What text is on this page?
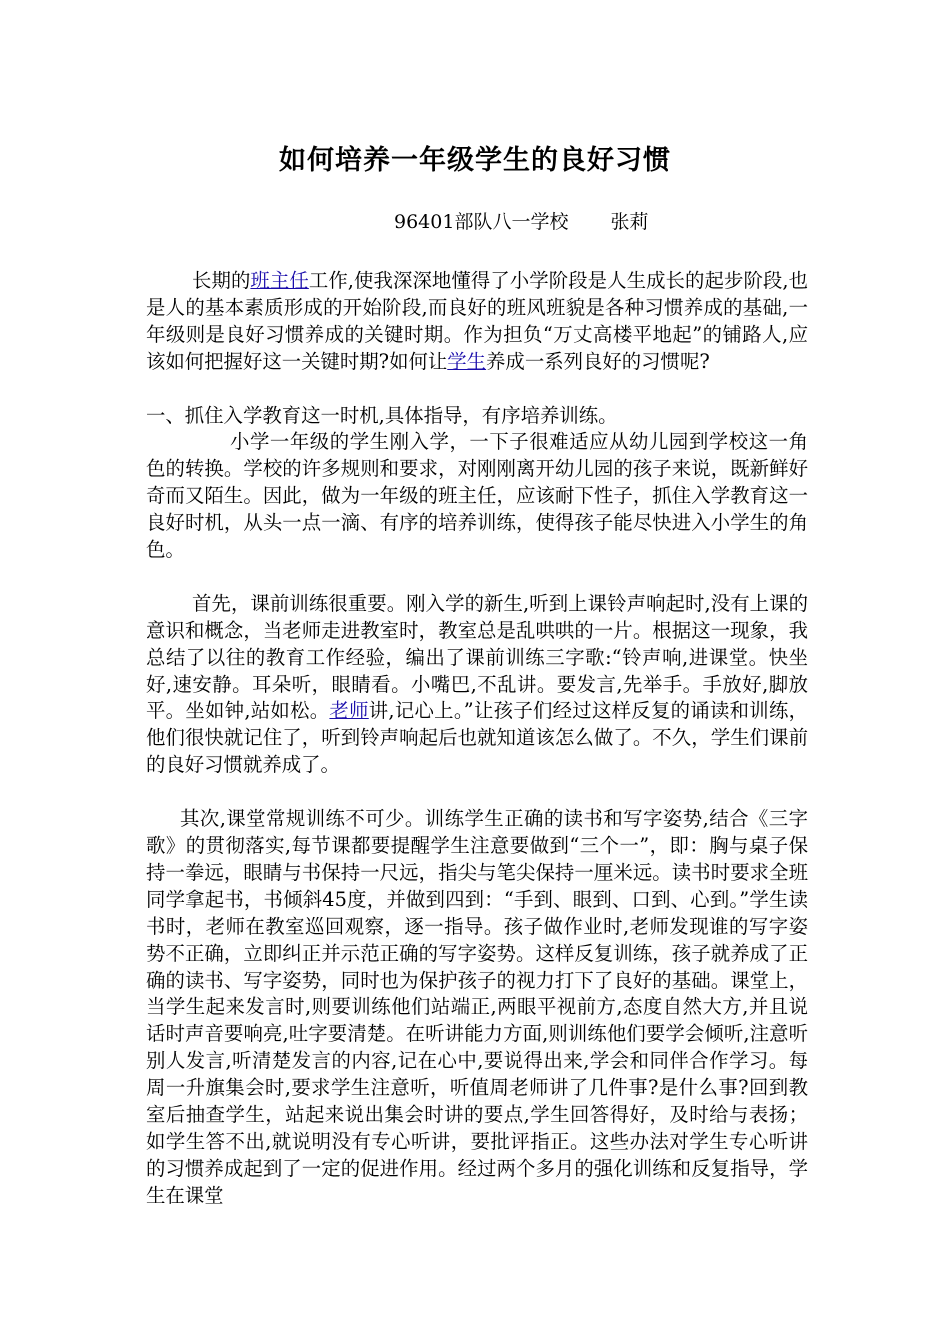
如何培养一年级学生的良好习惯
96401部队八一学校 张莉

长期的班主任工作,使我深深地懂得了小学阶段是人生成长的起步阶段,也是人的基本素质形成的开始阶段,而良好的班风班貌是各种习惯养成的基础,一年级则是良好习惯养成的关键时期。作为担负“万丈高楼平地起”的铺路人,应该如何把握好这一关键时期?如何让学生养成一系列良好的习惯呢?

一、抓住入学教育这一时机,具体指导，有序培养训练。

小学一年级的学生刚入学，一下子很难适应从幼儿园到学校这一角色的转换。学校的许多规则和要求，对刚刚离开幼儿园的孩子来说，既新鲜好奇而又陌生。因此，做为一年级的班主任，应该耐下性子，抓住入学教育这一良好时机，从头一点一滴、有序的培养训练，使得孩子能尽快进入小学生的角色。

首先，课前训练很重要。刚入学的新生,听到上课铃声响起时,没有上课的意识和概念，当老师走进教室时，教室总是乱哄哄的一片。根据这一现象，我总结了以往的教育工作经验，编出了课前训练三字歌:“铃声响,进课堂。快坐好,速安静。耳朵听，眼睛看。小嘴巴,不乱讲。要发言,先举手。手放好,脚放平。坐如钟,站如松。老师讲,记心上。”让孩子们经过这样反复的诵读和训练，他们很快就记住了，听到铃声响起后也就知道该怎么做了。不久，学生们课前的良好习惯就养成了。

其次,课堂常规训练不可少。训练学生正确的读书和写字姿势,结合《三字歌》的贯彻落实,每节课都要提醒学生注意要做到“三个一”，即：胸与桌子保持一拳远，眼睛与书保持一尺远，指尖与笔尖保持一厘米远。读书时要求全班同学拿起书，书倾斜45度，并做到四到：“手到、眼到、口到、心到。”学生读书时，老师在教室巡回观察，逐一指导。孩子做作业时,老师发现谁的写字姿势不正确，立即纠正并示范正确的写字姿势。这样反复训练，孩子就养成了正确的读书、写字姿势，同时也为保护孩子的视力打下了良好的基础。课堂上，当学生起来发言时,则要训练他们站端正,两眼平视前方,态度自然大方,并且说话时声音要响亮,吐字要清楚。在听讲能力方面,则训练他们要学会倾听,注意听别人发言,听清楚发言的内容,记在心中,要说得出来,学会和同伴合作学习。每周一升旗集会时,要求学生注意听，听值周老师讲了几件事?是什么事?回到教室后抽查学生，站起来说出集会时讲的要点,学生回答得好，及时给与表扬；如学生答不出,就说明没有专心听讲，要批评指正。这些办法对学生专心听讲的习惯养成起到了一定的促进作用。经过两个多月的强化训练和反复指导，学生在课堂
